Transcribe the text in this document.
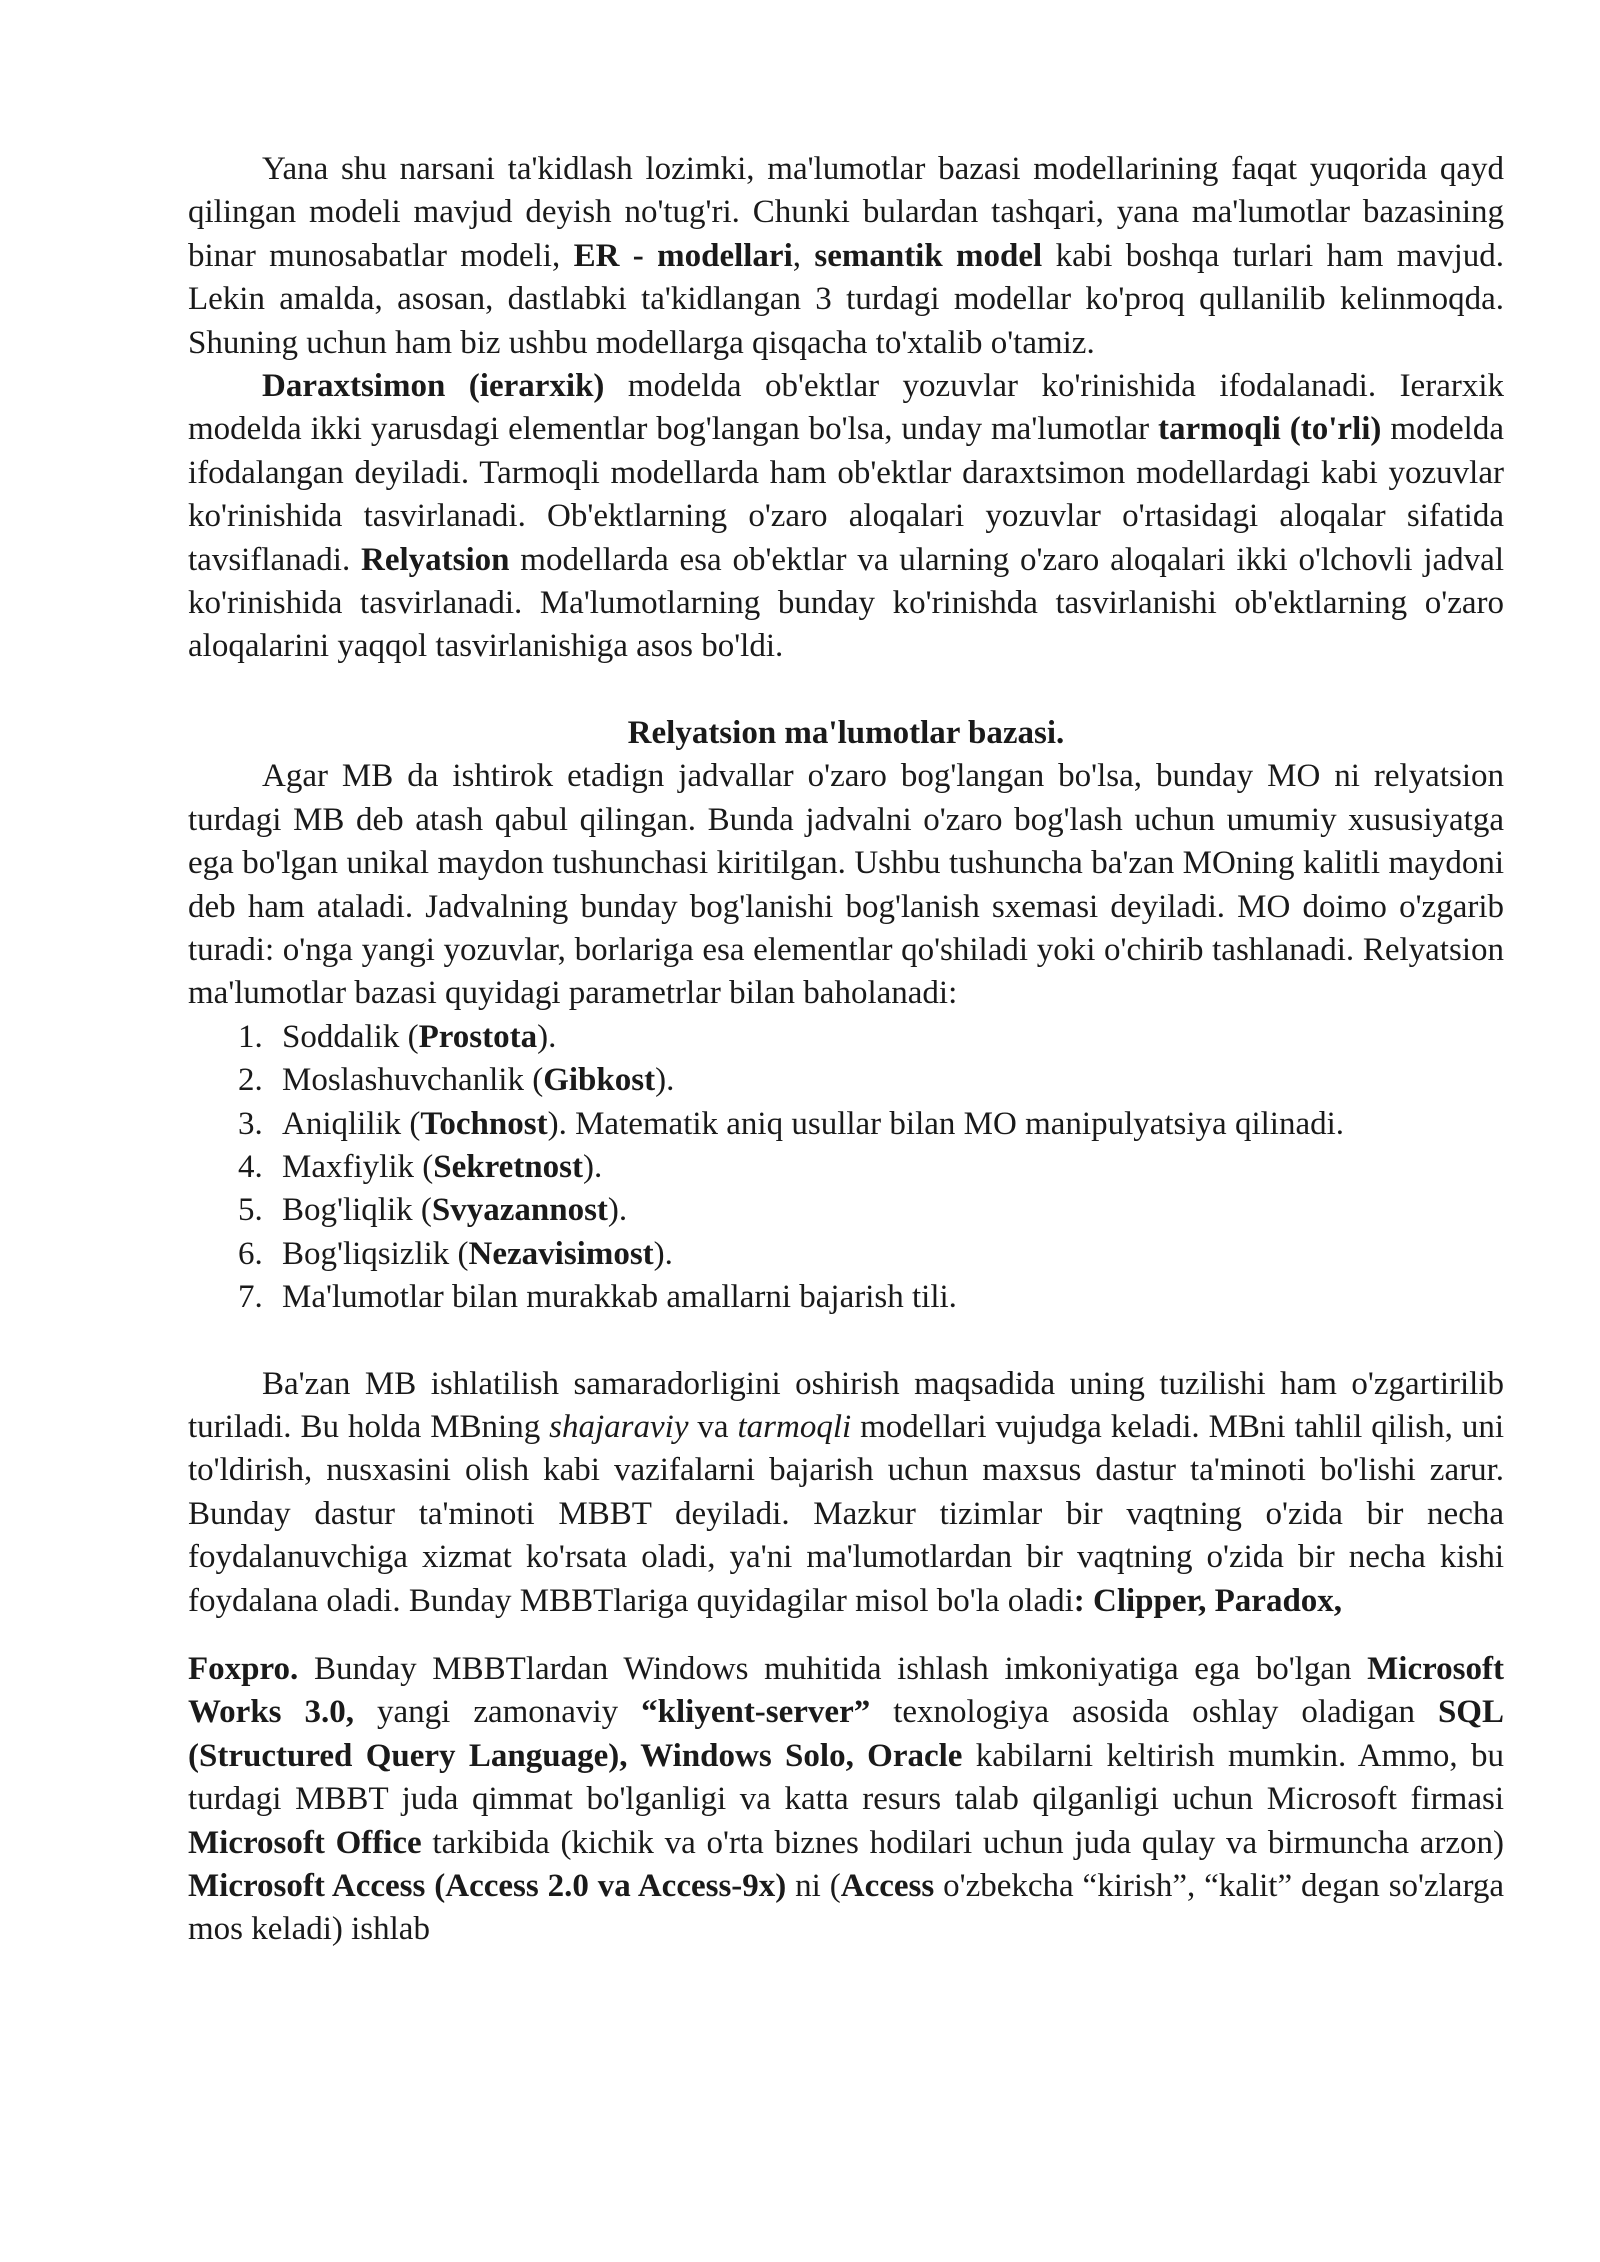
Yana shu narsani ta'kidlash lozimki, ma'lumotlar bazasi modellarining faqat yuqorida qayd qilingan modeli mavjud deyish no'tug'ri. Chunki bulardan tashqari, yana ma'lumotlar bazasining binar munosabatlar modeli, ER - modellari, semantik model kabi boshqa turlari ham mavjud. Lekin amalda, asosan, dastlabki ta'kidlangan 3 turdagi modellar ko'proq qullanilib kelinmoqda. Shuning uchun ham biz ushbu modellarga qisqacha to'xtalib o'tamiz.

Daraxtsimon (ierarxik) modelda ob'ektlar yozuvlar ko'rinishida ifodalanadi. Ierarxik modelda ikki yarusdagi elementlar bog'langan bo'lsa, unday ma'lumotlar tarmoqli (to'rli) modelda ifodalangan deyiladi. Tarmoqli modellarda ham ob'ektlar daraxtsimon modellardagi kabi yozuvlar ko'rinishida tasvirlanadi. Ob'ektlarning o'zaro aloqalari yozuvlar o'rtasidagi aloqalar sifatida tavsiflanadi. Relyatsion modellarda esa ob'ektlar va ularning o'zaro aloqalari ikki o'lchovli jadval ko'rinishida tasvirlanadi. Ma'lumotlarning bunday ko'rinishda tasvirlanishi ob'ektlarning o'zaro aloqalarini yaqqol tasvirlanishiga asos bo'ldi.

Relyatsion ma'lumotlar bazasi.

Agar MB da ishtirok etadign jadvallar o'zaro bog'langan bo'lsa, bunday MO ni relyatsion turdagi MB deb atash qabul qilingan. Bunda jadvalni o'zaro bog'lash uchun umumiy xususiyatga ega bo'lgan unikal maydon tushunchasi kiritilgan. Ushbu tushuncha ba'zan MOning kalitli maydoni deb ham ataladi. Jadvalning bunday bog'lanishi bog'lanish sxemasi deyiladi. MO doimo o'zgarib turadi: o'nga yangi yozuvlar, borlariga esa elementlar qo'shiladi yoki o'chirib tashlanadi. Relyatsion ma'lumotlar bazasi quyidagi parametrlar bilan baholanadi:

1. Soddalik (Prostota).
2. Moslashuvchanlik (Gibkost).
3. Aniqlilik (Tochnost). Matematik aniq usullar bilan MO manipulyatsiya qilinadi.
4. Maxfiylik (Sekretnost).
5. Bog'liqlik (Svyazannost).
6. Bog'liqsizlik (Nezavisimost).
7. Ma'lumotlar bilan murakkab amallarni bajarish tili.

Ba'zan MB ishlatilish samaradorligini oshirish maqsadida uning tuzilishi ham o'zgartirilib turiladi. Bu holda MBning shajaraviy va tarmoqli modellari vujudga keladi. MBni tahlil qilish, uni to'ldirish, nusxasini olish kabi vazifalarni bajarish uchun maxsus dastur ta'minoti bo'lishi zarur. Bunday dastur ta'minoti MBBT deyiladi. Mazkur tizimlar bir vaqtning o'zida bir necha foydalanuvchiga xizmat ko'rsata oladi, ya'ni ma'lumotlardan bir vaqtning o'zida bir necha kishi foydalana oladi. Bunday MBBTlariga quyidagilar misol bo'la oladi: Clipper, Paradox,

Foxpro. Bunday MBBTlardan Windows muhitida ishlash imkoniyatiga ega bo'lgan Microsoft Works 3.0, yangi zamonaviy “kliyent-server” texnologiya asosida oshlay oladigan SQL (Structured Query Language), Windows Solo, Oracle kabilarni keltirish mumkin. Ammo, bu turdagi MBBT juda qimmat bo'lganligi va katta resurs talab qilganligi uchun Microsoft firmasi Microsoft Office tarkibida (kichik va o'rta biznes hodilari uchun juda qulay va birmuncha arzon) Microsoft Access (Access 2.0 va Access-9x) ni (Access o'zbekcha “kirish”, “kalit” degan so'zlarga mos keladi) ishlab
